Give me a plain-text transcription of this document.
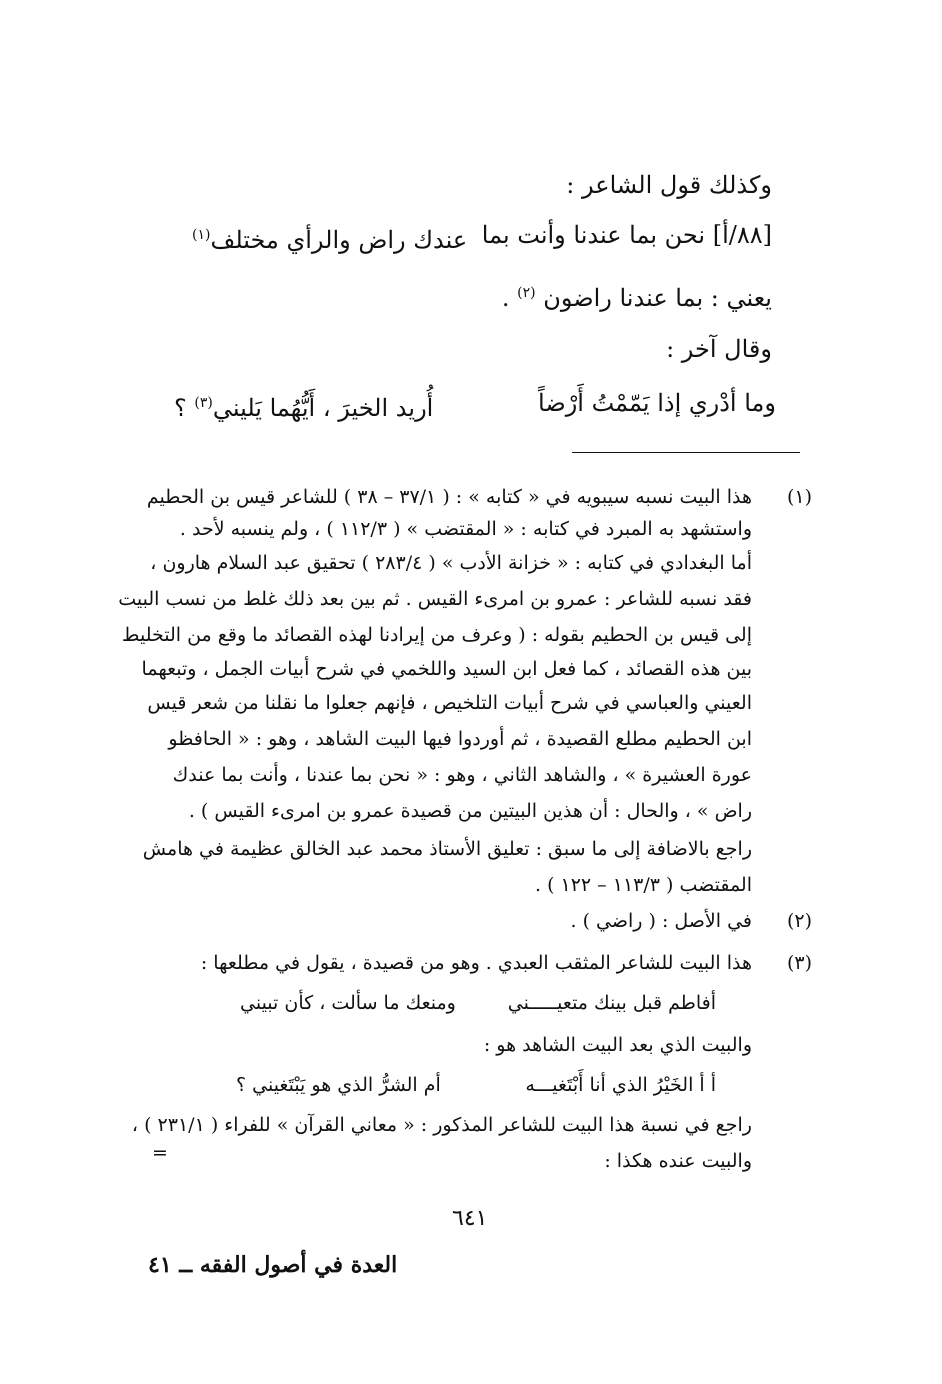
وكذلك قول الشاعر :
[٨٨/أ] نحن بما عندنا وأنت بما
عندك راض والرأي مختلف$^{(١)}$
يعني : بما عندنا راضون $^{(٢)}$ .
وقال آخر :
وما أدْري إذا يَمّمْتُ أَرْضاً
أُريد الخيرَ ، أَيُّهُما يَليني$^{(٣)}$ ؟
(١)
هذا البيت نسبه سيبويه في « كتابه » : ( ٣٧/١ – ٣٨ ) للشاعر قيس بن الحطيم
واستشهد به المبرد في كتابه : « المقتضب » ( ١١٢/٣ ) ، ولم ينسبه لأحد .
أما البغدادي في كتابه : « خزانة الأدب » ( ٢٨٣/٤ ) تحقيق عبد السلام هارون ،
فقد نسبه للشاعر : عمرو بن امرىء القيس . ثم بين بعد ذلك غلط من نسب البيت
إلى قيس بن الحطيم بقوله : ( وعرف من إيرادنا لهذه القصائد ما وقع من التخليط
بين هذه القصائد ، كما فعل ابن السيد واللخمي في شرح أبيات الجمل ، وتبعهما
العيني والعباسي في شرح أبيات التلخيص ، فإنهم جعلوا ما نقلنا من شعر قيس
ابن الحطيم مطلع القصيدة ، ثم أوردوا فيها البيت الشاهد ، وهو : « الحافظو
عورة العشيرة » ، والشاهد الثاني ، وهو : « نحن بما عندنا ، وأنت بما عندك
راض » ، والحال : أن هذين البيتين من قصيدة عمرو بن امرىء القيس ) .
راجع بالاضافة إلى ما سبق : تعليق الأستاذ محمد عبد الخالق عظيمة في هامش
المقتضب ( ١١٣/٣ – ١٢٢ ) .
(٢)
في الأصل : ( راضي ) .
(٣)
هذا البيت للشاعر المثقب العبدي . وهو من قصيدة ، يقول في مطلعها :
أفاطم قبل بينك متعيـــــني
ومنعك ما سألت ، كأن تبيني
والبيت الذي بعد البيت الشاهد هو :
أ أ الخَيْرُ الذي أنا أَبْتَغيـــه
أم الشرُّ الذي هو يَبْتَغيني ؟
راجع في نسبة هذا البيت للشاعر المذكور : « معاني القرآن » للفراء ( ٢٣١/١ ) ،
والبيت عنده هكذا :
=
٦٤١
العدة في أصول الفقه ــ ٤١
